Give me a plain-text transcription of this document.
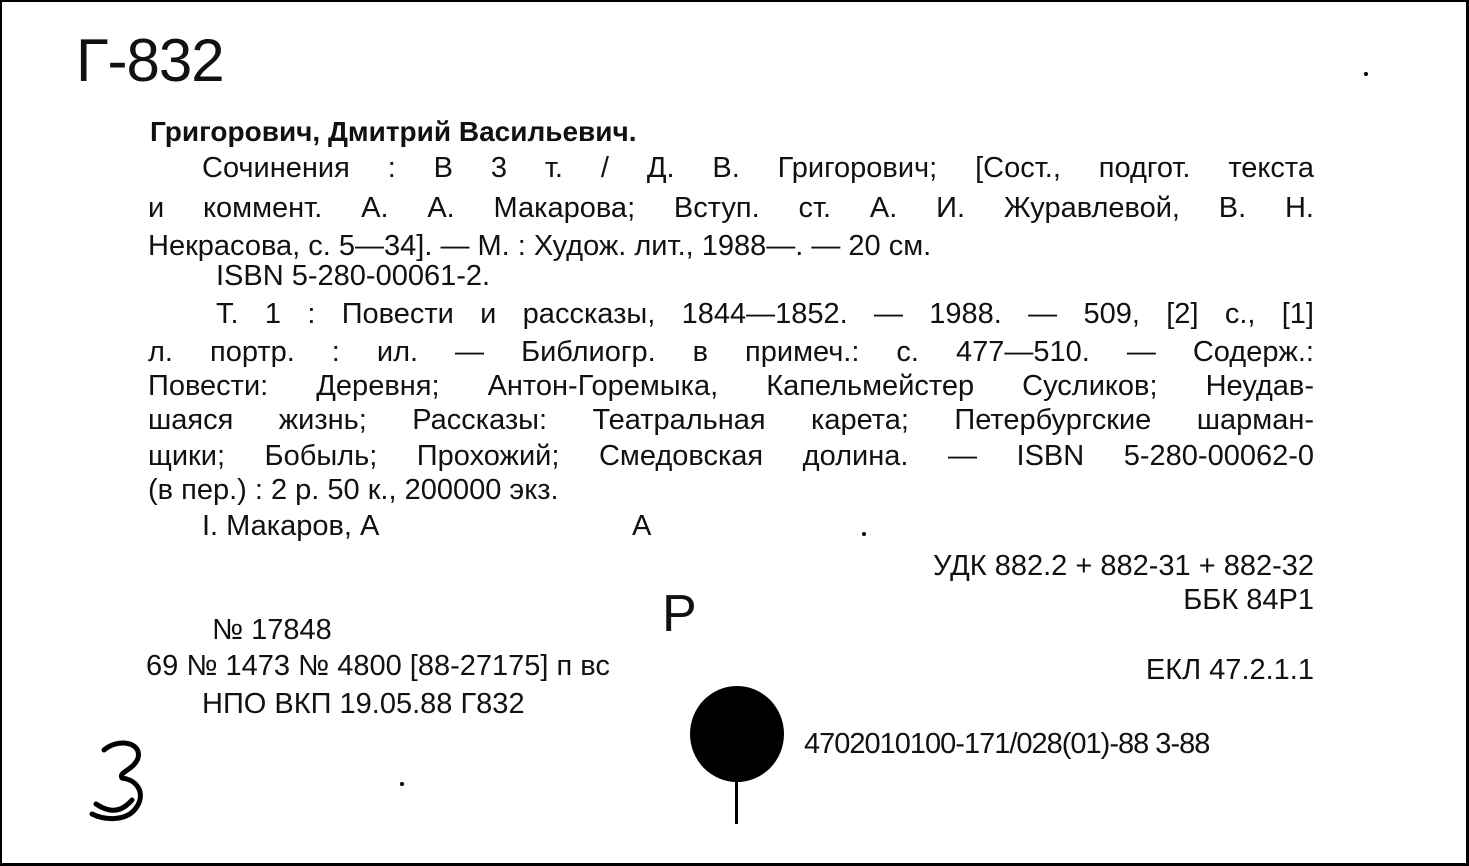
Г-832
Григорович, Дмитрий Васильевич.
Сочинения : В 3 т. / Д. В. Григорович; [Сост., подгот. текста
и коммент. А. А. Макарова; Вступ. ст. А. И. Журавлевой, В. Н.
Некрасова, с. 5—34]. — М. : Худож. лит., 1988—. — 20 см.
ISBN 5-280-00061-2.
Т. 1 : Повести и рассказы, 1844—1852. — 1988. — 509, [2] с., [1]
л. портр. : ил. — Библиогр. в примеч.: с. 477—510. — Содерж.:
Повести: Деревня; Антон-Горемыка, Капельмейстер Сусликов; Неудав-
шаяся жизнь; Рассказы: Театральная карета; Петербургские шарман-
щики; Бобыль; Прохожий; Смедовская долина. — ISBN 5-280-00062-0
(в пер.) : 2 р. 50 к., 200000 экз.
I. Макаров, А	А
УДК 882.2 + 882-31 + 882-32
ББК 84Р1
Р
№ 17848
69 № 1473 № 4800 [88-27175] п вс	ЕКЛ 47.2.1.1
НПО ВКП 19.05.88 Г832
4702010100-171/028(01)-88 3-88
